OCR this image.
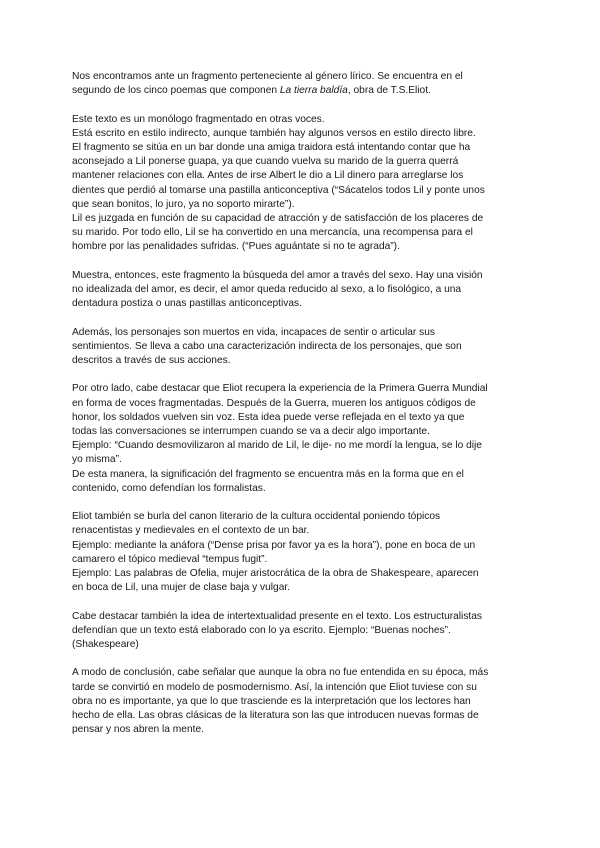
Nos encontramos ante un fragmento perteneciente al género lírico. Se encuentra en el
segundo de los cinco poemas que componen La tierra baldía, obra de T.S.Eliot.

Este texto es un monólogo fragmentado en otras voces.
Está escrito en estilo indirecto, aunque también hay algunos versos en estilo directo libre.
El fragmento se sitúa en un bar donde una amiga traidora está intentando contar que ha
aconsejado a Lil ponerse guapa, ya que cuando vuelva su marido de la guerra querrá
mantener relaciones con ella. Antes de irse Albert le dio a Lil dinero para arreglarse los
dientes que perdió al tomarse una pastilla anticonceptiva (“Sácatelos todos Lil y ponte unos
que sean bonitos, lo juro, ya no soporto mirarte”).
Lil es juzgada en función de su capacidad de atracción y de satisfacción de los placeres de
su marido. Por todo ello, Lil se ha convertido en una mercancía, una recompensa para el
hombre por las penalidades sufridas. (“Pues aguántate si no te agrada”).

Muestra, entonces, este fragmento la búsqueda del amor a través del sexo. Hay una visión
no idealizada del amor, es decir, el amor queda reducido al sexo, a lo fisológico, a una
dentadura postiza o unas pastillas anticonceptivas.

Además, los personajes son muertos en vida, incapaces de sentir o articular sus
sentimientos. Se lleva a cabo una caracterización indirecta de los personajes, que son
descritos a través de sus acciones.

Por otro lado, cabe destacar que Eliot recupera la experiencia de la Primera Guerra Mundial
en forma de voces fragmentadas. Después de la Guerra, mueren los antiguos códigos de
honor, los soldados vuelven sin voz. Esta idea puede verse reflejada en el texto ya que
todas las conversaciones se interrumpen cuando se va a decir algo importante.
Ejemplo: “Cuando desmovilizaron al marido de Lil, le dije- no me mordí la lengua, se lo dije
yo misma”.
De esta manera, la significación del fragmento se encuentra más en la forma que en el
contenido, como defendían los formalistas.

Eliot también se burla del canon literario de la cultura occidental poniendo tópicos
renacentistas y medievales en el contexto de un bar.
Ejemplo: mediante la anáfora (“Dense prisa por favor ya es la hora”), pone en boca de un
camarero el tópico medieval “tempus fugit”.
Ejemplo: Las palabras de Ofelia, mujer aristocrática de la obra de Shakespeare, aparecen
en boca de Lil, una mujer de clase baja y vulgar.

Cabe destacar también la idea de intertextualidad presente en el texto. Los estructuralistas
defendían que un texto está elaborado con lo ya escrito. Ejemplo: “Buenas noches”.
(Shakespeare)

A modo de conclusión, cabe señalar que aunque la obra no fue entendida en su época, más
tarde se convirtió en modelo de posmodernismo. Así, la intención que Eliot tuviese con su
obra no es importante, ya que lo que trasciende es la interpretación que los lectores han
hecho de ella. Las obras clásicas de la literatura son las que introducen nuevas formas de
pensar y nos abren la mente.
